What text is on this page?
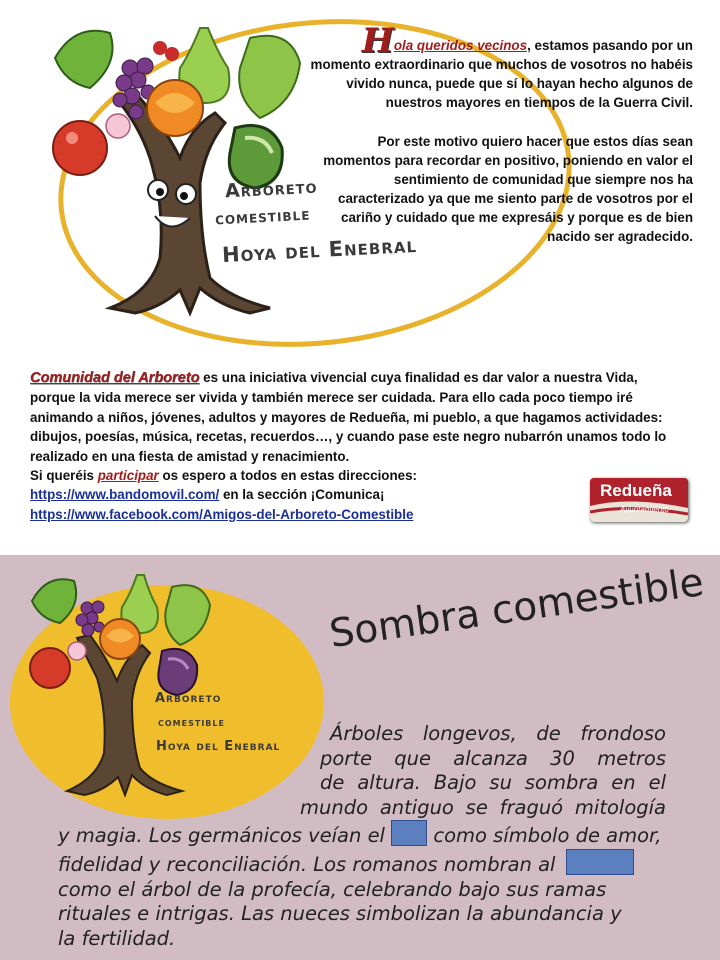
Arboreto
comestible
Hoya del Enebral

Hola queridos vecinos, estamos pasando por un

momento extraordinario que muchos de vosotros no habéis

vivido nunca, puede que sí lo hayan hecho algunos de

nuestros mayores en tiempos de la Guerra Civil.

Por este motivo quiero hacer que estos días sean

momentos para recordar en positivo, poniendo en valor el

sentimiento de comunidad que siempre nos ha

caracterizado ya que me siento parte de vosotros por el

cariño y cuidado que me expresáis y porque es de bien

nacido ser agradecido.

Comunidad del Arboreto es una iniciativa vivencial cuya finalidad es dar valor a nuestra Vida,

porque la vida merece ser vivida y también merece ser cuidada. Para ello cada poco tiempo iré

animando a niños, jóvenes, adultos y mayores de Redueña, mi pueblo, a que hagamos actividades:

dibujos, poesías, música, recetas, recuerdos…, y cuando pase este negro nubarrón unamos todo lo

realizado en una fiesta de amistad y renacimiento.

Si queréis participar os espero a todos en estas direcciones:

https://www.bandomovil.com/ en la sección ¡Comunica¡

https://www.facebook.com/Amigos-del-Arboreto-Comestible

Redueña
Ayuntamiento
Arboreto
comestible
Hoya del Enebral
Sombra comestible
Árboles longevos, de frondoso
porte que alcanza 30 metros
de altura. Bajo su sombra en el
mundo antiguo se fraguó mitología
y magia. Los germánicos veían el como símbolo de amor,
fidelidad y reconciliación. Los romanos nombran al
como el árbol de la profecía, celebrando bajo sus ramas
rituales e intrigas. Las nueces simbolizan la abundancia y
la fertilidad.
